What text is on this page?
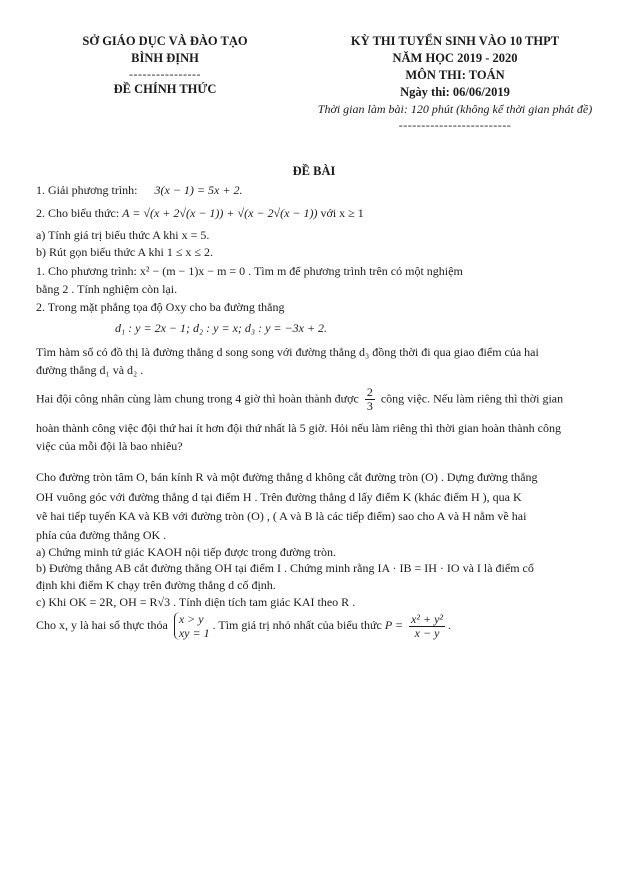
SỞ GIÁO DỤC VÀ ĐÀO TẠO
BÌNH ĐỊNH
----------------
ĐỀ CHÍNH THỨC
KỲ THI TUYỂN SINH VÀO 10 THPT
NĂM HỌC 2019 - 2020
MÔN THI: TOÁN
Ngày thi: 06/06/2019
Thời gian làm bài: 120 phút (không kể thời gian phát đề)
-------------------------
ĐỀ BÀI
1. Giải phương trình: 3(x − 1) = 5x + 2.
2. Cho biểu thức: A = √(x + 2√(x − 1)) + √(x − 2√(x − 1)) với x ≥ 1
a) Tính giá trị biểu thức A khi x = 5.
b) Rút gọn biểu thức A khi 1 ≤ x ≤ 2.
1. Cho phương trình: x² − (m − 1)x − m = 0 . Tìm m để phương trình trên có một nghiệm
bằng 2 . Tính nghiệm còn lại.
2. Trong mặt phẳng tọa độ Oxy cho ba đường thẳng
d₁ : y = 2x − 1; d₂ : y = x; d₃ : y = −3x + 2.
Tìm hàm số có đồ thị là đường thẳng d song song với đường thẳng d₃ đồng thời đi qua giao điểm của hai
đường thẳng d₁ và d₂ .
Hai đội công nhân cùng làm chung trong 4 giờ thì hoàn thành được $\frac{2}{3}$ công việc. Nếu làm riêng thì thời gian
hoàn thành công việc đội thứ hai ít hơn đội thứ nhất là 5 giờ. Hỏi nếu làm riêng thì thời gian hoàn thành công
việc của mỗi đội là bao nhiêu?
Cho đường tròn tâm O, bán kính R và một đường thẳng d không cắt đường tròn (O) . Dựng đường thẳng
OH vuông góc với đường thẳng d tại điểm H . Trên đường thẳng d lấy điểm K (khác điểm H ), qua K
vẽ hai tiếp tuyến KA và KB với đường tròn (O) , ( A và B là các tiếp điểm) sao cho A và H nằm về hai
phía của đường thẳng OK .
a) Chứng minh tứ giác KAOH nội tiếp được trong đường tròn.
b) Đường thẳng AB cắt đường thẳng OH tại điểm I . Chứng minh rằng IA · IB = IH · IO và I là điểm cố
định khi điểm K chạy trên đường thẳng d cố định.
c) Khi OK = 2R, OH = R√3 . Tính diện tích tam giác KAI theo R .
Cho x, y là hai số thực thỏa x > y
xy = 1
. Tìm giá trị nhỏ nhất của biểu thức $P = \frac{\text{x² + y²}}{x - y}$ .
